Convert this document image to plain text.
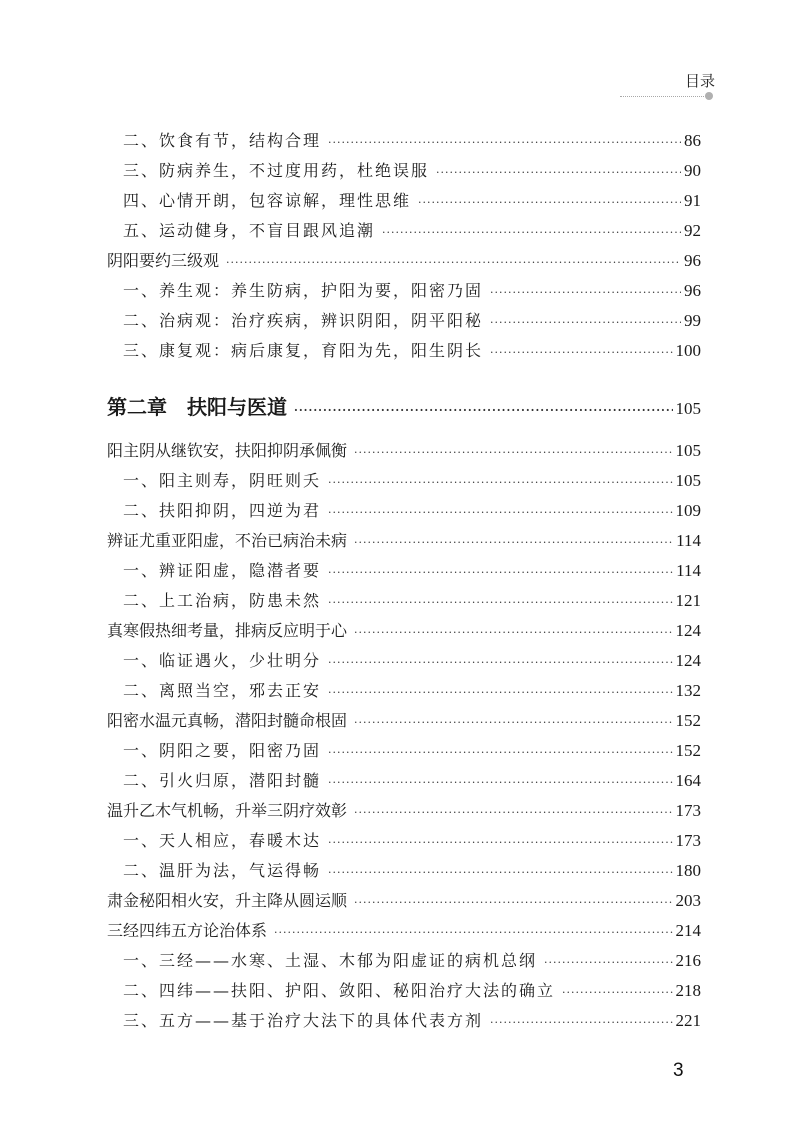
目录
二、饮食有节，结构合理 ·····	86
三、防病养生，不过度用药，杜绝误服 ·····	90
四、心情开朗，包容谅解，理性思维 ·····	91
五、运动健身，不盲目跟风追潮 ·····	92
阴阳要约三级观 ·····	96
一、养生观：养生防病，护阳为要，阳密乃固 ·····	96
二、治病观：治疗疾病，辨识阴阳，阴平阳秘 ·····	99
三、康复观：病后康复，育阳为先，阳生阴长 ·····	100
第二章　扶阳与医道 ·····	105
阳主阴从继钦安，扶阳抑阴承佩衡 ·····	105
一、阳主则寿，阴旺则夭 ·····	105
二、扶阳抑阴，四逆为君 ·····	109
辨证尤重亚阳虚，不治已病治未病 ·····	114
一、辨证阳虚，隐潜者要 ·····	114
二、上工治病，防患未然 ·····	121
真寒假热细考量，排病反应明于心 ·····	124
一、临证遇火，少壮明分 ·····	124
二、离照当空，邪去正安 ·····	132
阳密水温元真畅，潜阳封髓命根固 ·····	152
一、阴阳之要，阳密乃固 ·····	152
二、引火归原，潜阳封髓 ·····	164
温升乙木气机畅，升举三阴疗效彰 ·····	173
一、天人相应，春暖木达 ·····	173
二、温肝为法，气运得畅 ·····	180
肃金秘阳相火安，升主降从圆运顺 ·····	203
三经四纬五方论治体系 ·····	214
一、三经——水寒、土湿、木郁为阳虚证的病机总纲 ·····	216
二、四纬——扶阳、护阳、敛阳、秘阳治疗大法的确立 ·····	218
三、五方——基于治疗大法下的具体代表方剂 ·····	221
3
